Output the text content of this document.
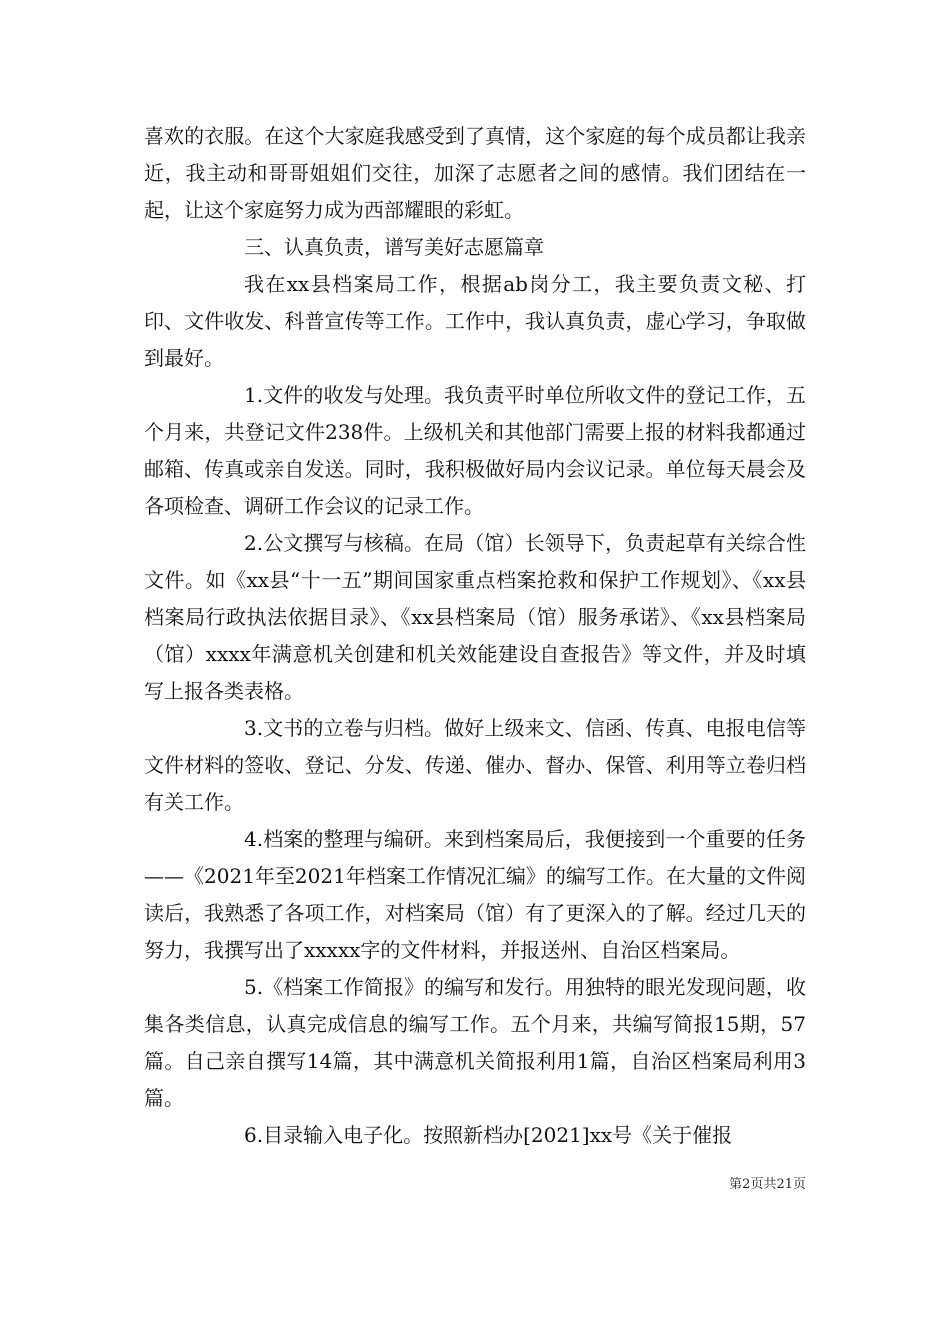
喜欢的衣服。在这个大家庭我感受到了真情，这个家庭的每个成员都让我亲近，我主动和哥哥姐姐们交往，加深了志愿者之间的感情。我们团结在一起，让这个家庭努力成为西部耀眼的彩虹。

三、认真负责，谱写美好志愿篇章

我在xx县档案局工作，根据ab岗分工，我主要负责文秘、打印、文件收发、科普宣传等工作。工作中，我认真负责，虚心学习，争取做到最好。

1.文件的收发与处理。我负责平时单位所收文件的登记工作，五个月来，共登记文件238件。上级机关和其他部门需要上报的材料我都通过邮箱、传真或亲自发送。同时，我积极做好局内会议记录。单位每天晨会及各项检查、调研工作会议的记录工作。

2.公文撰写与核稿。在局（馆）长领导下，负责起草有关综合性文件。如《xx县“十一五”期间国家重点档案抢救和保护工作规划》、《xx县档案局行政执法依据目录》、《xx县档案局（馆）服务承诺》、《xx县档案局（馆）xxxx年满意机关创建和机关效能建设自查报告》等文件，并及时填写上报各类表格。

3.文书的立卷与归档。做好上级来文、信函、传真、电报电信等文件材料的签收、登记、分发、传递、催办、督办、保管、利用等立卷归档有关工作。

4.档案的整理与编研。来到档案局后，我便接到一个重要的任务——《2021年至2021年档案工作情况汇编》的编写工作。在大量的文件阅读后，我熟悉了各项工作，对档案局（馆）有了更深入的了解。经过几天的努力，我撰写出了xxxxx字的文件材料，并报送州、自治区档案局。

5.《档案工作简报》的编写和发行。用独特的眼光发现问题，收集各类信息，认真完成信息的编写工作。五个月来，共编写简报15期，57篇。自己亲自撰写14篇，其中满意机关简报利用1篇，自治区档案局利用3篇。

6.目录输入电子化。按照新档办[2021]xx号《关于催报

第2页共21页
